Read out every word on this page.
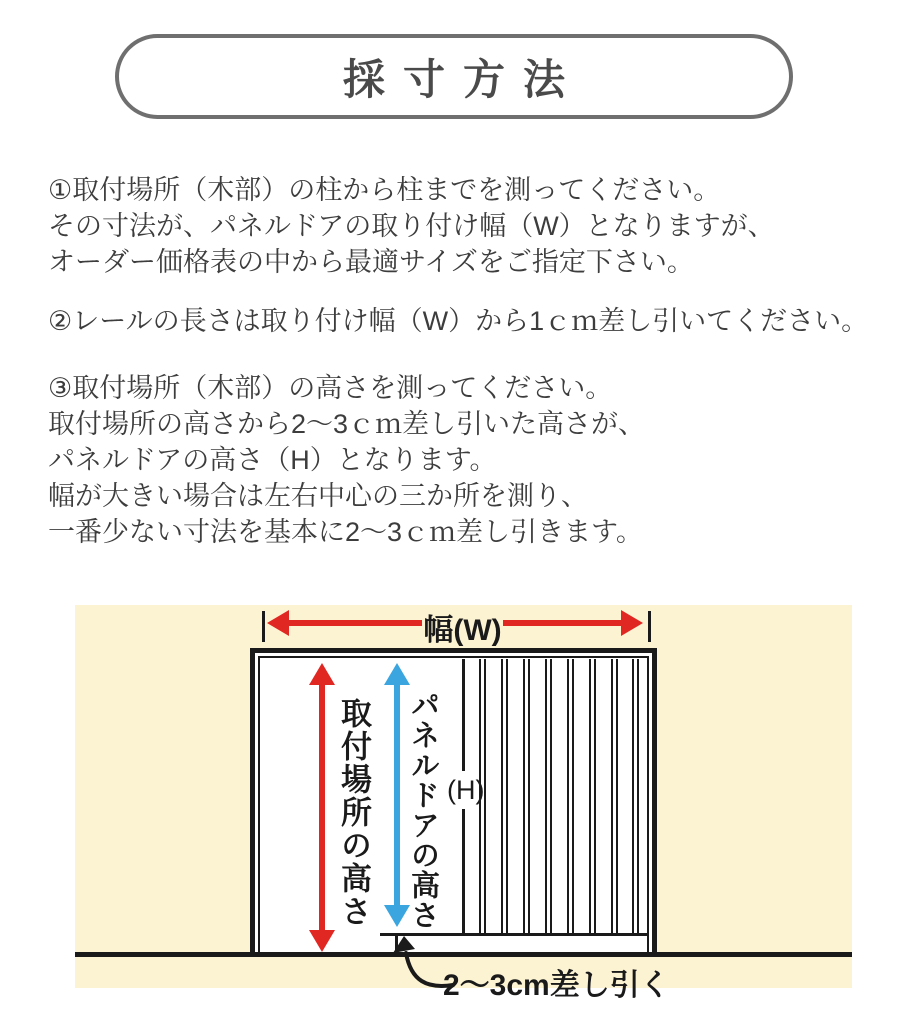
採寸方法
①取付場所（木部）の柱から柱までを測ってください。
その寸法が、パネルドアの取り付け幅（W）となりますが、
オーダー価格表の中から最適サイズをご指定下さい。
②レールの長さは取り付け幅（W）から1ｃｍ差し引いてください。
③取付場所（木部）の高さを測ってください。
取付場所の高さから2～3ｃｍ差し引いた高さが、
パネルドアの高さ（H）となります。
幅が大きい場合は左右中心の三か所を測り、
一番少ない寸法を基本に2～3ｃｍ差し引きます。
幅(W)
取付場所の高さ パネルドアの高さ (H)
2～3cm差し引く
